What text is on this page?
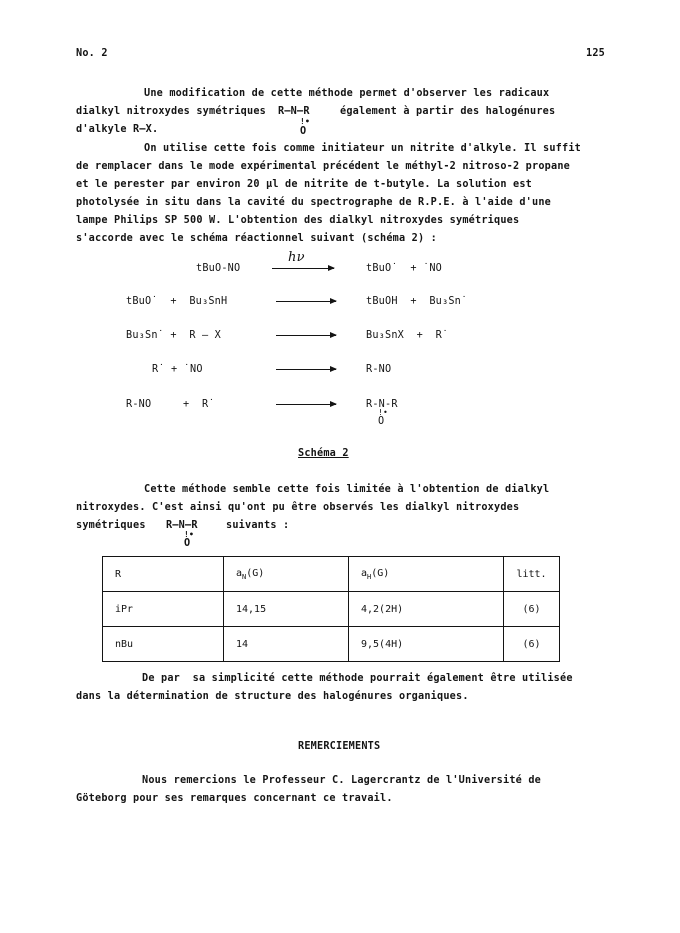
No. 2	125
Une modification de cette méthode permet d'observer les radicaux
dialkyl nitroxydes symétriques R—N—R	également à partir des halogénures
!•
d'alkyle R—X.	O
On utilise cette fois comme initiateur un nitrite d'alkyle. Il suffit
de remplacer dans le mode expérimental précédent le méthyl-2 nitroso-2 propane
et le perester par environ 20 µl de nitrite de t-butyle. La solution est
photolysée in situ dans la cavité du spectrographe de R.P.E. à l'aide d'une
lampe Philips SP 500 W. L'obtention des dialkyl nitroxydes symétriques
s'accorde avec le schéma réactionnel suivant (schéma 2) :
hν
tBuO-NO	tBuO˙  + ˙NO
tBuO˙  +  Bu₃SnH	tBuOH  +  Bu₃Sn˙
Bu₃Sn˙ +  R — X	Bu₃SnX  +  R˙
R˙ + ˙NO	R-NO
R-NO     +  R˙	R-N-R
!•
O
Schéma 2
Cette méthode semble cette fois limitée à l'obtention de dialkyl
nitroxydes. C'est ainsi qu'ont pu être observés les dialkyl nitroxydes
symétriques R—N—R	suivants :
!•
O
R	$a_N(G)$	$a_H(G)$	litt.
iPr	14,15	4,2(2H)	(6)
nBu	14	9,5(4H)	(6)
De par  sa simplicité cette méthode pourrait également être utilisée
dans la détermination de structure des halogénures organiques.
REMERCIEMENTS
Nous remercions le Professeur C. Lagercrantz de l'Université de
Göteborg pour ses remarques concernant ce travail.
